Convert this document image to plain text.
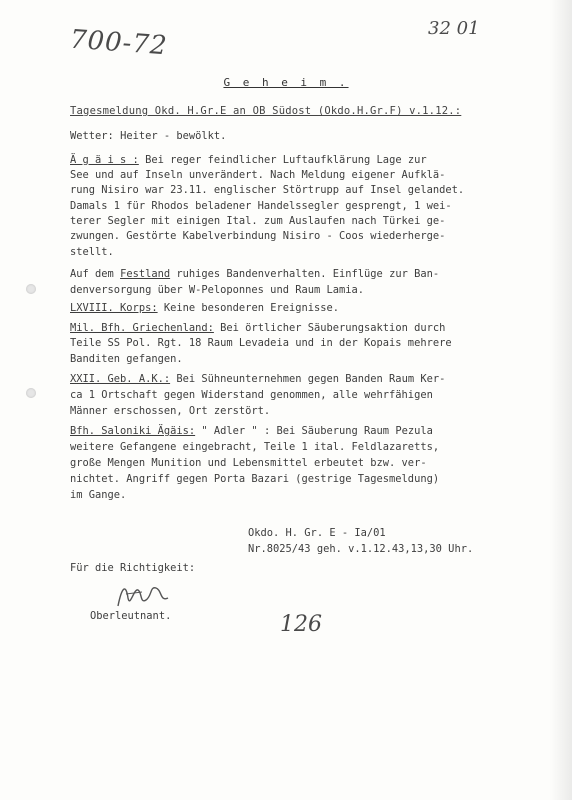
700-72	32 01
G e h e i m .
Tagesmeldung Okd. H.Gr.E an OB Südost (Okdo.H.Gr.F) v.1.12.:
Wetter: Heiter - bewölkt.
Ä g ä i s : Bei reger feindlicher Luftaufklärung Lage zur
See und auf Inseln unverändert. Nach Meldung eigener Aufklä-
rung Nisiro war 23.11. englischer Störtrupp auf Insel gelandet.
Damals 1 für Rhodos beladener Handelssegler gesprengt, 1 wei-
terer Segler mit einigen Ital. zum Auslaufen nach Türkei ge-
zwungen. Gestörte Kabelverbindung Nisiro - Coos wiederherge-
stellt.
Auf dem Festland ruhiges Bandenverhalten. Einflüge zur Ban-
denversorgung über W-Peloponnes und Raum Lamia.
LXVIII. Korps: Keine besonderen Ereignisse.
Mil. Bfh. Griechenland: Bei örtlicher Säuberungsaktion durch
Teile SS Pol. Rgt. 18 Raum Levadeia und in der Kopais mehrere
Banditen gefangen.
XXII. Geb. A.K.: Bei Sühneunternehmen gegen Banden Raum Ker-
ca 1 Ortschaft gegen Widerstand genommen, alle wehrfähigen
Männer erschossen, Ort zerstört.
Bfh. Saloniki Ägäis: " Adler " : Bei Säuberung Raum Pezula
weitere Gefangene eingebracht, Teile 1 ital. Feldlazaretts,
große Mengen Munition und Lebensmittel erbeutet bzw. ver-
nichtet. Angriff gegen Porta Bazari (gestrige Tagesmeldung)
im Gange.
Okdo. H. Gr. E - Ia/01
Nr.8025/43 geh. v.1.12.43,13,30 Uhr.
Für die Richtigkeit:
Oberleutnant.	126
